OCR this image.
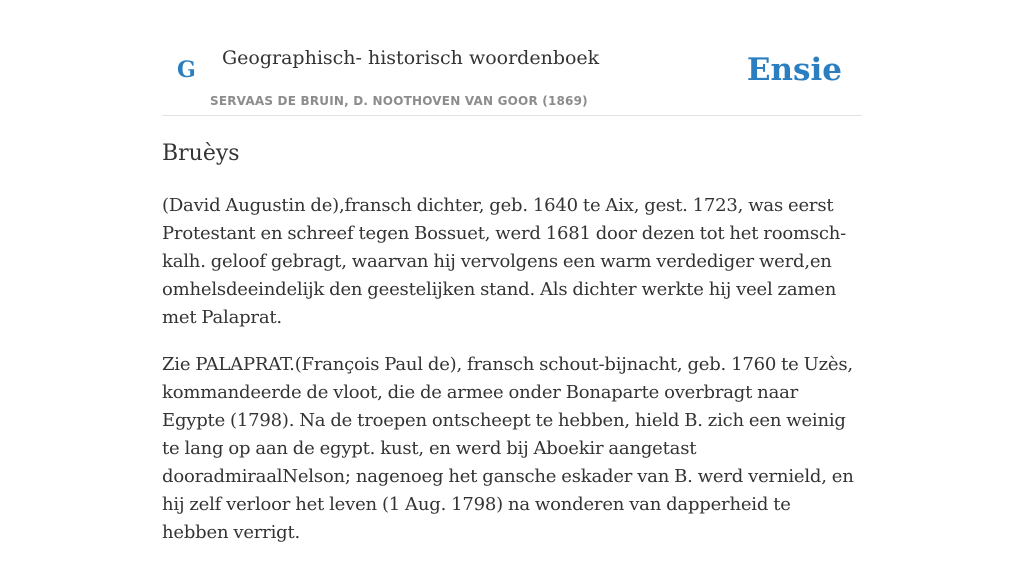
G Geographisch- historisch woordenboek
SERVAAS DE BRUIN, D. NOOTHOVEN VAN GOOR (1869)
Ensie
Bruèys

(David Augustin de),fransch dichter, geb. 1640 te Aix, gest. 1723, was eerst Protestant en schreef tegen Bossuet, werd 1681 door dezen tot het roomsch-kalh. geloof gebragt, waarvan hij vervolgens een warm verdediger werd,en omhelsdeeindelijk den geestelijken stand. Als dichter werkte hij veel zamen met Palaprat.

Zie PALAPRAT.(François Paul de), fransch schout-bijnacht, geb. 1760 te Uzès, kommandeerde de vloot, die de armee onder Bonaparte overbragt naar Egypte (1798). Na de troepen ontscheept te hebben, hield B. zich een weinig te lang op aan de egypt. kust, en werd bij Aboekir aangetast dooradmiraalNelson; nagenoeg het gansche eskader van B. werd vernield, en hij zelf verloor het leven (1 Aug. 1798) na wonderen van dapperheid te hebben verrigt.
